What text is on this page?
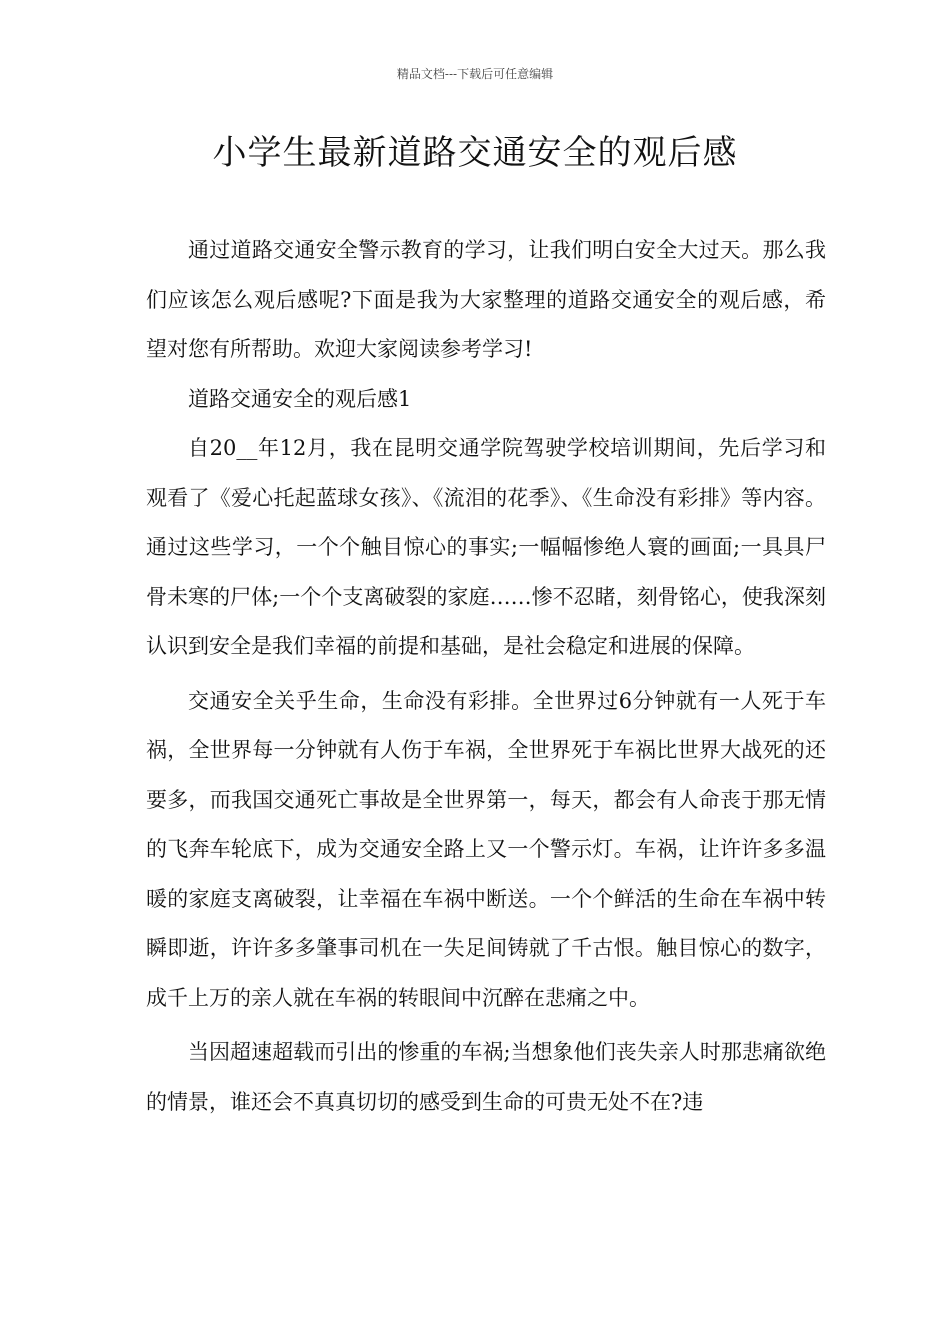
精品文档---下载后可任意编辑
小学生最新道路交通安全的观后感

通过道路交通安全警示教育的学习，让我们明白安全大过天。那么我们应该怎么观后感呢?下面是我为大家整理的道路交通安全的观后感，希望对您有所帮助。欢迎大家阅读参考学习!

道路交通安全的观后感1

自20__年12月，我在昆明交通学院驾驶学校培训期间，先后学习和观看了《爱心托起蓝球女孩》、《流泪的花季》、《生命没有彩排》等内容。通过这些学习，一个个触目惊心的事实;一幅幅惨绝人寰的画面;一具具尸骨未寒的尸体;一个个支离破裂的家庭……惨不忍睹，刻骨铭心，使我深刻认识到安全是我们幸福的前提和基础，是社会稳定和进展的保障。

交通安全关乎生命，生命没有彩排。全世界过6分钟就有一人死于车祸，全世界每一分钟就有人伤于车祸，全世界死于车祸比世界大战死的还要多，而我国交通死亡事故是全世界第一，每天，都会有人命丧于那无情的飞奔车轮底下，成为交通安全路上又一个警示灯。车祸，让许许多多温暖的家庭支离破裂，让幸福在车祸中断送。一个个鲜活的生命在车祸中转瞬即逝，许许多多肇事司机在一失足间铸就了千古恨。触目惊心的数字，成千上万的亲人就在车祸的转眼间中沉醉在悲痛之中。

当因超速超载而引出的惨重的车祸;当想象他们丧失亲人时那悲痛欲绝的情景，谁还会不真真切切的感受到生命的可贵无处不在?违
